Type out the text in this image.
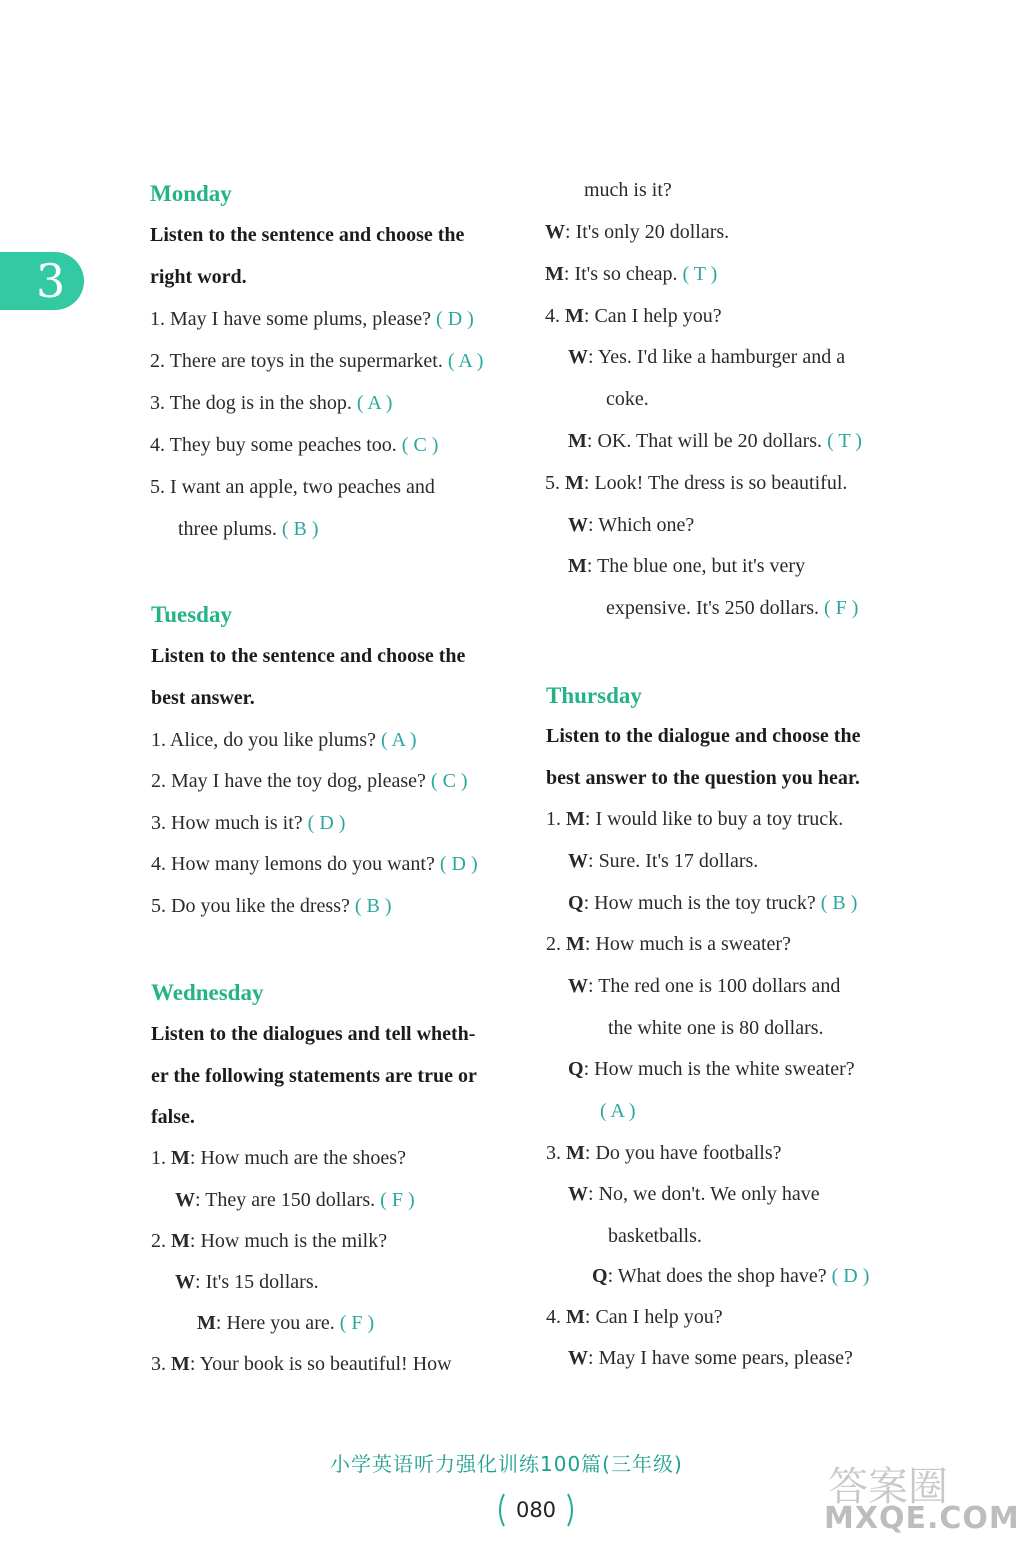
3
Monday
Listen to the sentence and choose the
right word.
1. May I have some plums, please? ( D )
2. There are toys in the supermarket. ( A )
3. The dog is in the shop. ( A )
4. They buy some peaches too. ( C )
5. I want an apple, two peaches and
three plums. ( B )
Tuesday
Listen to the sentence and choose the
best answer.
1. Alice, do you like plums? ( A )
2. May I have the toy dog, please? ( C )
3. How much is it? ( D )
4. How many lemons do you want? ( D )
5. Do you like the dress? ( B )
Wednesday
Listen to the dialogues and tell wheth-
er the following statements are true or
false.
1. M: How much are the shoes?
W: They are 150 dollars. ( F )
2. M: How much is the milk?
W: It's 15 dollars.
M: Here you are. ( F )
3. M: Your book is so beautiful! How
much is it?
W: It's only 20 dollars.
M: It's so cheap. ( T )
4. M: Can I help you?
W: Yes. I'd like a hamburger and a
coke.
M: OK. That will be 20 dollars. ( T )
5. M: Look! The dress is so beautiful.
W: Which one?
M: The blue one, but it's very
expensive. It's 250 dollars. ( F )
Thursday
Listen to the dialogue and choose the
best answer to the question you hear.
1. M: I would like to buy a toy truck.
W: Sure. It's 17 dollars.
Q: How much is the toy truck? ( B )
2. M: How much is a sweater?
W: The red one is 100 dollars and
the white one is 80 dollars.
Q: How much is the white sweater?
( A )
3. M: Do you have footballs?
W: No, we don't. We only have
basketballs.
Q: What does the shop have? ( D )
4. M: Can I help you?
W: May I have some pears, please?
小学英语听力强化训练100篇(三年级)
080	答案圈
MXQE.COM
